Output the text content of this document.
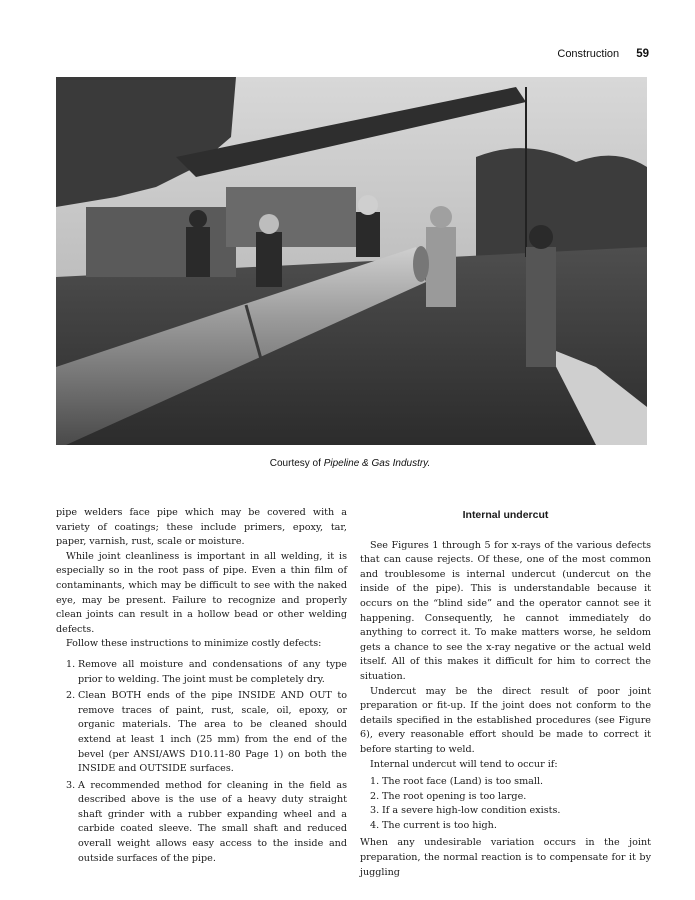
Construction 59
Courtesy of Pipeline & Gas Industry.

pipe welders face pipe which may be covered with a variety of coatings; these include primers, epoxy, tar, paper, varnish, rust, scale or moisture.

While joint cleanliness is important in all welding, it is especially so in the root pass of pipe. Even a thin film of contaminants, which may be difficult to see with the naked eye, may be present. Failure to recognize and properly clean joints can result in a hollow bead or other welding defects.

Follow these instructions to minimize costly defects:

1. Remove all moisture and condensations of any type prior to welding. The joint must be completely dry.
2. Clean BOTH ends of the pipe INSIDE AND OUT to remove traces of paint, rust, scale, oil, epoxy, or organic materials. The area to be cleaned should extend at least 1 inch (25 mm) from the end of the bevel (per ANSI/AWS D10.11-80 Page 1) on both the INSIDE and OUTSIDE surfaces.
3. A recommended method for cleaning in the field as described above is the use of a heavy duty straight shaft grinder with a rubber expanding wheel and a carbide coated sleeve. The small shaft and reduced overall weight allows easy access to the inside and outside surfaces of the pipe.
Internal undercut

See Figures 1 through 5 for x-rays of the various defects that can cause rejects. Of these, one of the most common and troublesome is internal undercut (undercut on the inside of the pipe). This is understandable because it occurs on the “blind side” and the operator cannot see it happening. Consequently, he cannot immediately do anything to correct it. To make matters worse, he seldom gets a chance to see the x-ray negative or the actual weld itself. All of this makes it difficult for him to correct the situation.

Undercut may be the direct result of poor joint preparation or fit-up. If the joint does not conform to the details specified in the established procedures (see Figure 6), every reasonable effort should be made to correct it before starting to weld.

Internal undercut will tend to occur if:

1. The root face (Land) is too small.
2. The root opening is too large.
3. If a severe high-low condition exists.
4. The current is too high.

When any undesirable variation occurs in the joint preparation, the normal reaction is to compensate for it by juggling
